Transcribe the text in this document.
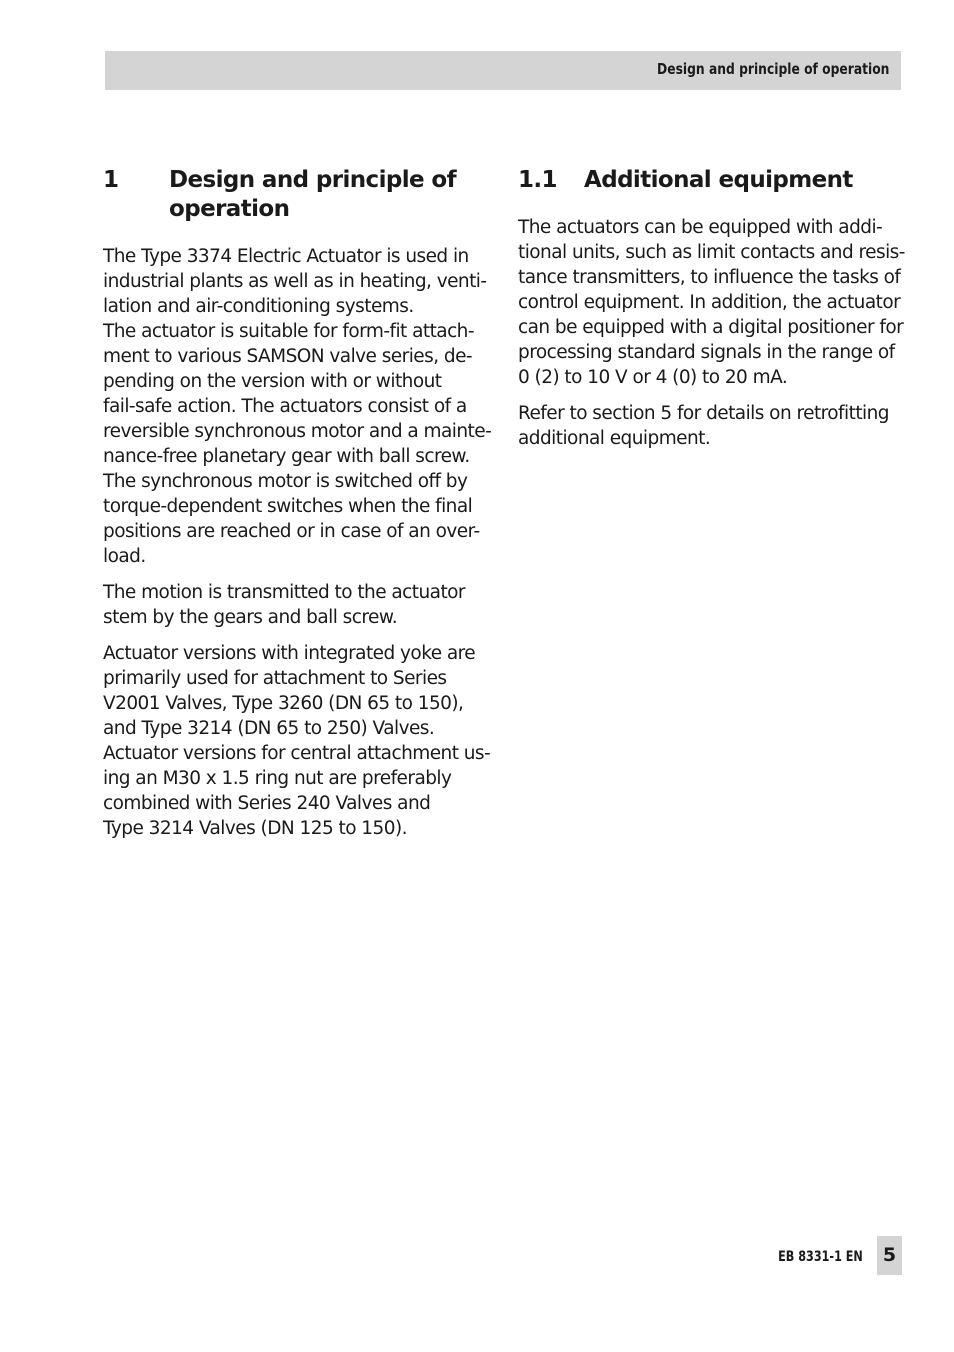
Design and principle of operation
1	Design and principle of
operation
The Type 3374 Electric Actuator is used in
industrial plants as well as in heating, venti-
lation and air-conditioning systems.
The actuator is suitable for form-fit attach-
ment to various SAMSON valve series, de-
pending on the version with or without
fail-safe action. The actuators consist of a
reversible synchronous motor and a mainte-
nance-free planetary gear with ball screw.
The synchronous motor is switched off by
torque-dependent switches when the final
positions are reached or in case of an over-
load.
The motion is transmitted to the actuator
stem by the gears and ball screw.
Actuator versions with integrated yoke are
primarily used for attachment to Series
V2001 Valves, Type 3260 (DN 65 to 150),
and Type 3214 (DN 65 to 250) Valves.
Actuator versions for central attachment us-
ing an M30 x 1.5 ring nut are preferably
combined with Series 240 Valves and
Type 3214 Valves (DN 125 to 150).
1.1	Additional equipment
The actuators can be equipped with addi-
tional units, such as limit contacts and resis-
tance transmitters, to influence the tasks of
control equipment. In addition, the actuator
can be equipped with a digital positioner for
processing standard signals in the range of
0 (2) to 10 V or 4 (0) to 20 mA.
Refer to section 5 for details on retrofitting
additional equipment.
EB 8331-1 EN	5
